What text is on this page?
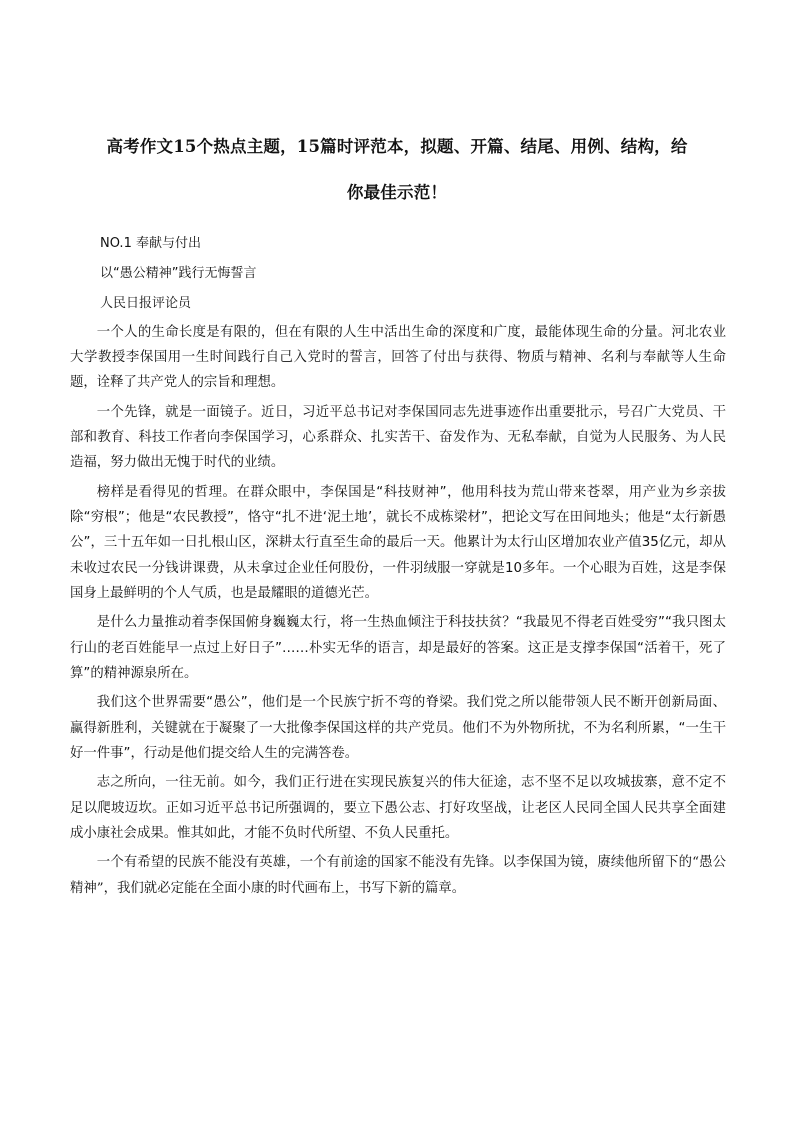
高考作文15个热点主题，15篇时评范本，拟题、开篇、结尾、用例、结构，给
你最佳示范！
NO.1 奉献与付出
以“愚公精神”践行无悔誓言
人民日报评论员

一个人的生命长度是有限的，但在有限的人生中活出生命的深度和广度，最能体现生命的分量。河北农业大学教授李保国用一生时间践行自己入党时的誓言，回答了付出与获得、物质与精神、名利与奉献等人生命题，诠释了共产党人的宗旨和理想。

一个先锋，就是一面镜子。近日，习近平总书记对李保国同志先进事迹作出重要批示，号召广大党员、干部和教育、科技工作者向李保国学习，心系群众、扎实苦干、奋发作为、无私奉献，自觉为人民服务、为人民造福，努力做出无愧于时代的业绩。

榜样是看得见的哲理。在群众眼中，李保国是“科技财神”，他用科技为荒山带来苍翠，用产业为乡亲拔除“穷根”；他是“农民教授”，恪守“扎不进‘泥土地’，就长不成栋梁材”，把论文写在田间地头；他是“太行新愚公”，三十五年如一日扎根山区，深耕太行直至生命的最后一天。他累计为太行山区增加农业产值35亿元，却从未收过农民一分钱讲课费，从未拿过企业任何股份，一件羽绒服一穿就是10多年。一个心眼为百姓，这是李保国身上最鲜明的个人气质，也是最耀眼的道德光芒。

是什么力量推动着李保国俯身巍巍太行，将一生热血倾注于科技扶贫？“我最见不得老百姓受穷”“我只图太行山的老百姓能早一点过上好日子”……朴实无华的语言，却是最好的答案。这正是支撑李保国“活着干，死了算”的精神源泉所在。

我们这个世界需要“愚公”，他们是一个民族宁折不弯的脊梁。我们党之所以能带领人民不断开创新局面、赢得新胜利，关键就在于凝聚了一大批像李保国这样的共产党员。他们不为外物所扰，不为名利所累，“一生干好一件事”，行动是他们提交给人生的完满答卷。

志之所向，一往无前。如今，我们正行进在实现民族复兴的伟大征途，志不坚不足以攻城拔寨，意不定不足以爬坡迈坎。正如习近平总书记所强调的，要立下愚公志、打好攻坚战，让老区人民同全国人民共享全面建成小康社会成果。惟其如此，才能不负时代所望、不负人民重托。

一个有希望的民族不能没有英雄，一个有前途的国家不能没有先锋。以李保国为镜，赓续他所留下的“愚公精神”，我们就必定能在全面小康的时代画布上，书写下新的篇章。
